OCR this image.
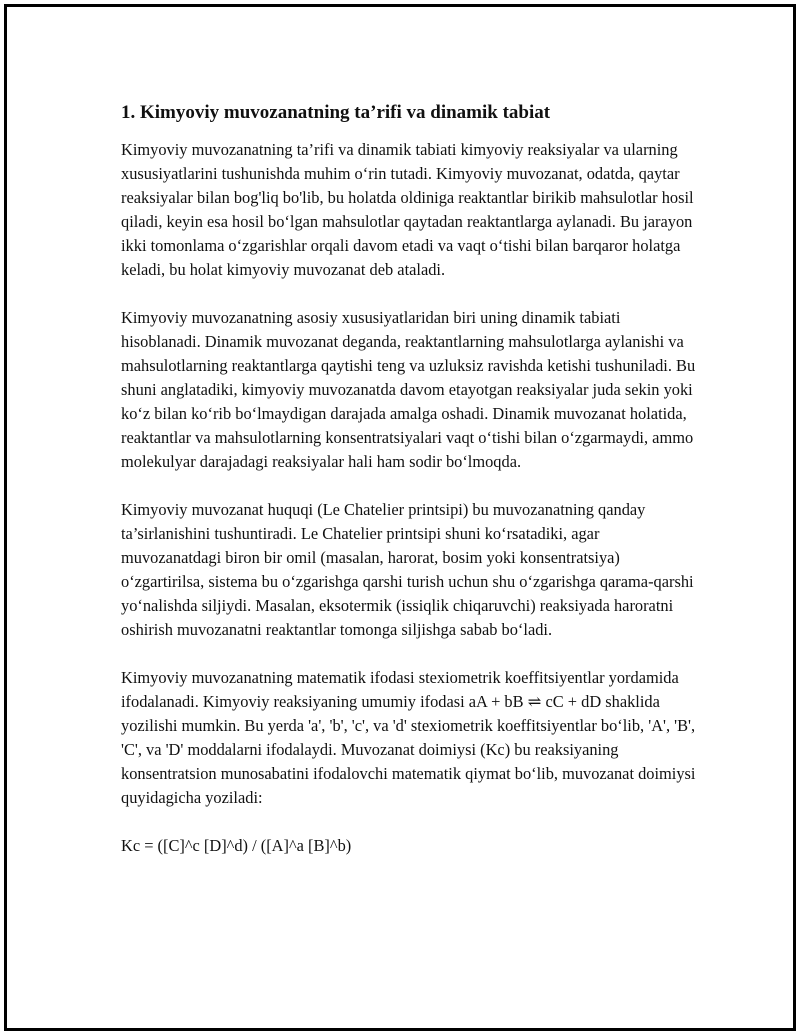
1. Kimyoviy muvozanatning ta’rifi va dinamik tabiat

Kimyoviy muvozanatning ta’rifi va dinamik tabiati kimyoviy reaksiyalar va ularning xususiyatlarini tushunishda muhim o‘rin tutadi. Kimyoviy muvozanat, odatda, qaytar reaksiyalar bilan bog'liq bo'lib, bu holatda oldiniga reaktantlar birikib mahsulotlar hosil qiladi, keyin esa hosil bo‘lgan mahsulotlar qaytadan reaktantlarga aylanadi. Bu jarayon ikki tomonlama o‘zgarishlar orqali davom etadi va vaqt o‘tishi bilan barqaror holatga keladi, bu holat kimyoviy muvozanat deb ataladi.

Kimyoviy muvozanatning asosiy xususiyatlaridan biri uning dinamik tabiati hisoblanadi. Dinamik muvozanat deganda, reaktantlarning mahsulotlarga aylanishi va mahsulotlarning reaktantlarga qaytishi teng va uzluksiz ravishda ketishi tushuniladi. Bu shuni anglatadiki, kimyoviy muvozanatda davom etayotgan reaksiyalar juda sekin yoki ko‘z bilan ko‘rib bo‘lmaydigan darajada amalga oshadi. Dinamik muvozanat holatida, reaktantlar va mahsulotlarning konsentratsiyalari vaqt o‘tishi bilan o‘zgarmaydi, ammo molekulyar darajadagi reaksiyalar hali ham sodir bo‘lmoqda.

Kimyoviy muvozanat huquqi (Le Chatelier printsipi) bu muvozanatning qanday ta’sirlanishini tushuntiradi. Le Chatelier printsipi shuni ko‘rsatadiki, agar muvozanatdagi biron bir omil (masalan, harorat, bosim yoki konsentratsiya) o‘zgartirilsa, sistema bu o‘zgarishga qarshi turish uchun shu o‘zgarishga qarama-qarshi yo‘nalishda siljiydi. Masalan, eksotermik (issiqlik chiqaruvchi) reaksiyada haroratni oshirish muvozanatni reaktantlar tomonga siljishga sabab bo‘ladi.

Kimyoviy muvozanatning matematik ifodasi stexiometrik koeffitsiyentlar yordamida ifodalanadi. Kimyoviy reaksiyaning umumiy ifodasi aA + bB ⇌ cC + dD shaklida yozilishi mumkin. Bu yerda 'a', 'b', 'c', va 'd' stexiometrik koeffitsiyentlar bo‘lib, 'A', 'B', 'C', va 'D' moddalarni ifodalaydi. Muvozanat doimiysi (Kc) bu reaksiyaning konsentratsion munosabatini ifodalovchi matematik qiymat bo‘lib, muvozanat doimiysi quyidagicha yoziladi:

Kc = ([C]^c [D]^d) / ([A]^a [B]^b)
